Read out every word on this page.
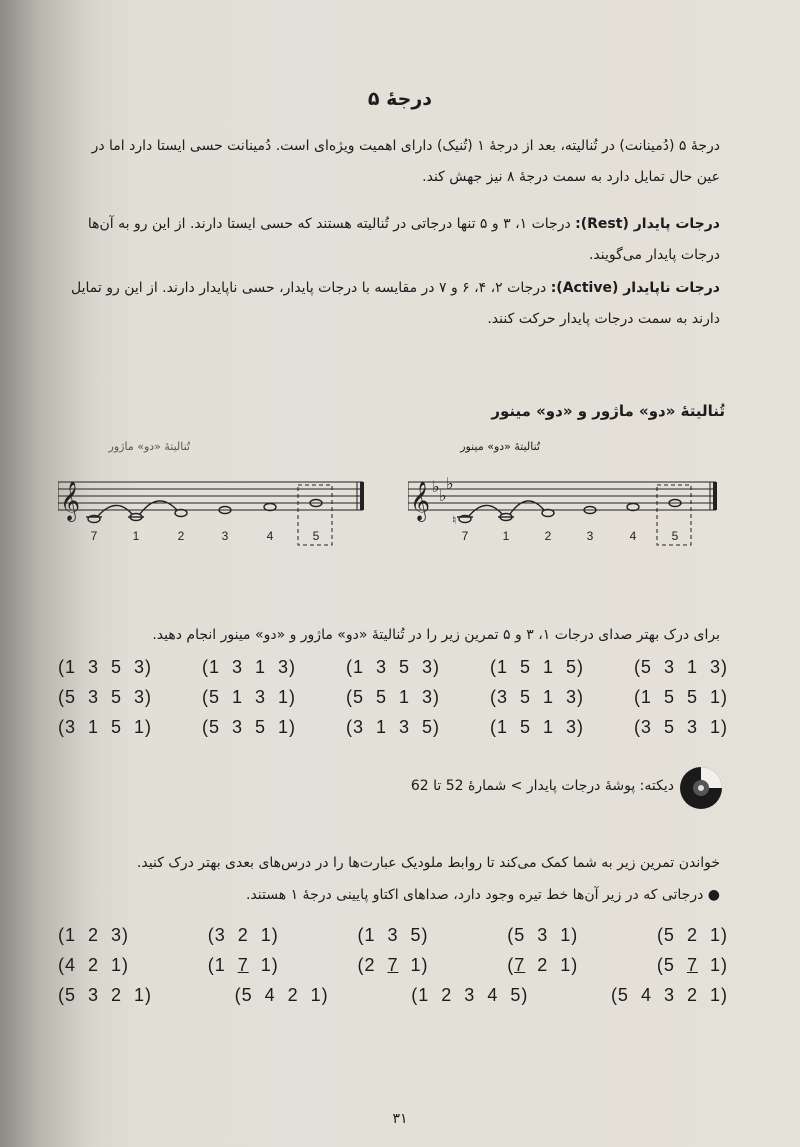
درجهٔ ۵
درجهٔ ۵ (دُمینانت) در تُنالیته، بعد از درجهٔ ۱ (تُنیک) دارای اهمیت ویژه‌ای است. دُمینانت حسی ایستا دارد اما در عین حال تمایل دارد به سمت درجهٔ ۸ نیز جهش کند.
درجات پایدار (Rest): درجات ۱، ۳ و ۵ تنها درجاتی در تُنالیته هستند که حسی ایستا دارند. از این رو به آن‌ها درجات پایدار می‌گویند.
درجات ناپایدار (Active): درجات ۲، ۴، ۶ و ۷ در مقایسه با درجات پایدار، حسی ناپایدار دارند. از این رو تمایل دارند به سمت درجات پایدار حرکت کنند.
تُنالیتهٔ «دو» ماژور و «دو» مینور
تُنالیتهٔ «دو» ماژور
𝄞
7	1	2	3	4	5
تُنالیتهٔ «دو» مینور
𝄞 ♭ ♭
♭
♮
7	1	2	3	4	5
برای درک بهتر صدای درجات ۱، ۳ و ۵ تمرین زیر را در تُنالیتهٔ «دو» ماژور و «دو» مینور انجام دهید.
(1  3  5  3)	(1  3  1  3)	(1  3  5  3)	(1  5  1  5)	(5  3  1  3)
(5  3  5  3)	(5  1  3  1)	(5  5  1  3)	(3  5  1  3)	(1  5  5  1)
(3  1  5  1)	(5  3  5  1)	(3  1  3  5)	(1  5  1  3)	(3  5  3  1)
دیکته: پوشهٔ درجات پایدار > شمارهٔ 52 تا 62
خواندن تمرین زیر به شما کمک می‌کند تا روابط ملودیک عبارت‌ها را در درس‌های بعدی بهتر درک کنید.
● درجاتی که در زیر آن‌ها خط تیره وجود دارد، صداهای اکتاو پایینی درجهٔ ۱ هستند.
(1  2  3)	(3  2  1)	(1  3  5)	(5  3  1)	(5  2  1)
(4  2  1)	(1  7  1)	(2  7  1)	(7  2  1)	(5  7  1)
(5  3  2  1)	(5  4  2  1)	(1  2  3  4  5)	(5  4  3  2  1)
۳۱
